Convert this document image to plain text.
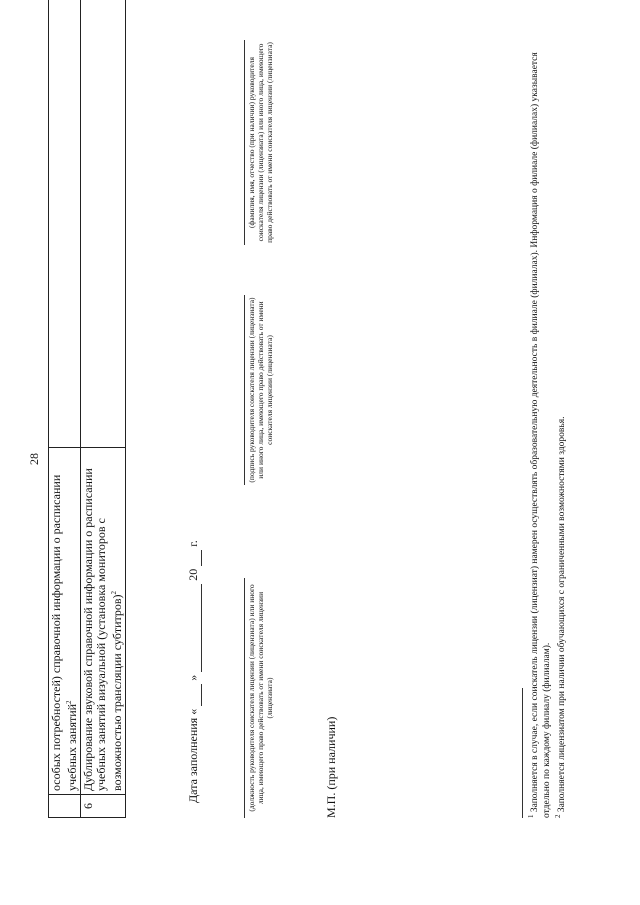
28
	особых потребностей) справочной информации о расписании учебных занятий$^2$	
6	Дублирование звуковой справочной информации о расписании учебных занятий визуальной (установка мониторов с возможностью трансляции субтитров)$^2$	
Дата заполнения «   »   20   г.
(должность руководителя соискателя лицензии (лицензиата) или иного лица, имеющего право действовать от имени соискателя лицензии (лицензиата)
(подпись руководителя соискателя лицензии (лицензиата) или иного лица, имеющего право действовать от имени соискателя лицензии (лицензиата)
(фамилия, имя, отчество (при наличии) руководителя соискателя лицензии (лицензиата) или иного лица, имеющего право действовать от имени соискателя лицензии (лицензиата)
М.П. (при наличии)	$^1$ Заполняется в случае, если соискатель лицензии (лицензиат) намерен осуществлять образовательную деятельность в филиале (филиалах). Информация о филиале (филиалах) указывается отдельно по каждому филиалу (филиалам). $^2$ Заполняется лицензиатом при наличии обучающихся с ограниченными возможностями здоровья.
